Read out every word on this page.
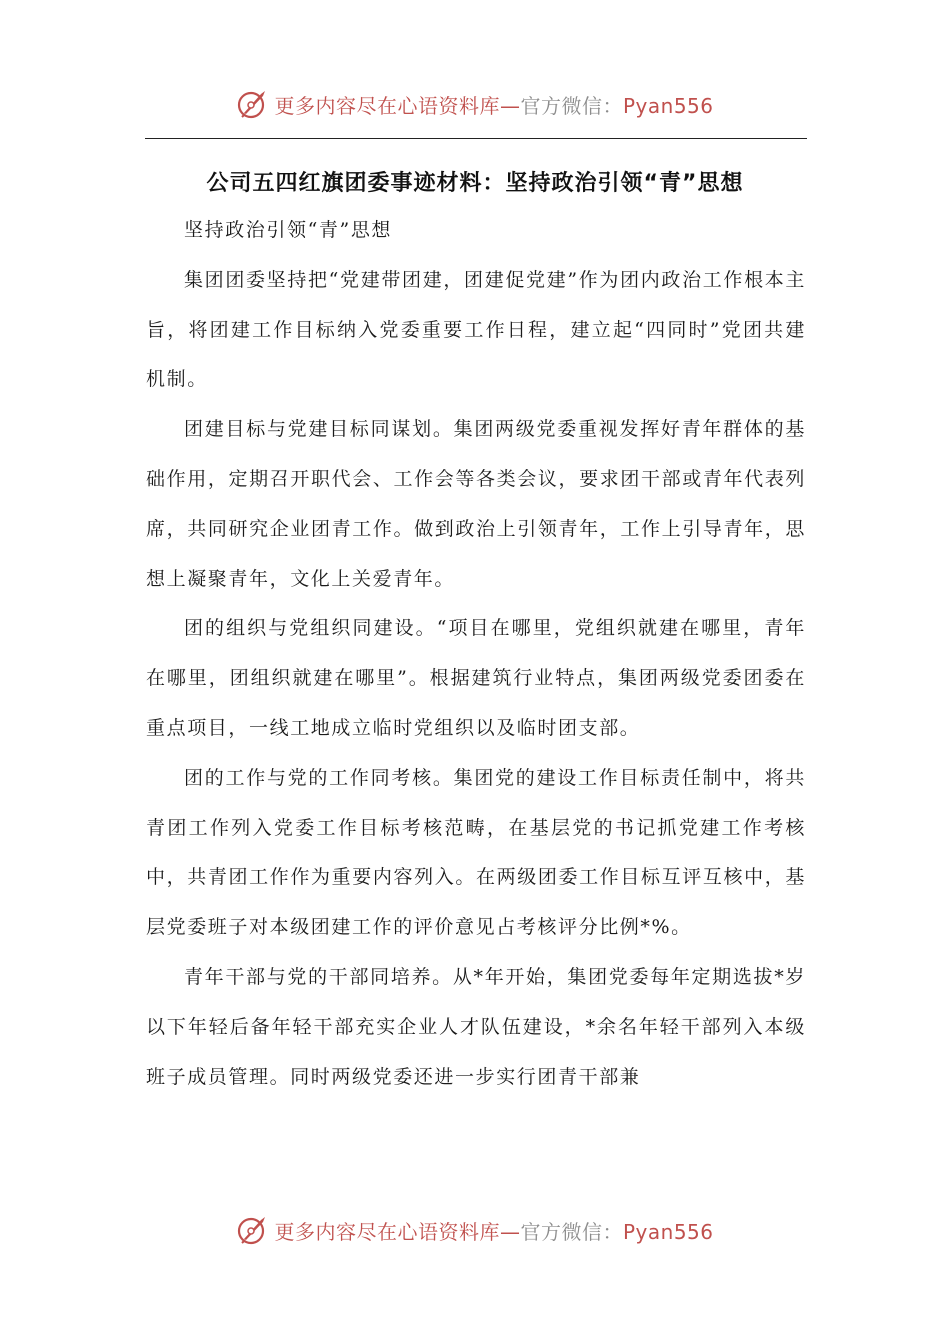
更多内容尽在心语资料库—官方微信：Pyan556
公司五四红旗团委事迹材料：坚持政治引领“青”思想

坚持政治引领“青”思想

集团团委坚持把“党建带团建，团建促党建”作为团内政治工作根本主旨，将团建工作目标纳入党委重要工作日程，建立起“四同时”党团共建机制。

团建目标与党建目标同谋划。集团两级党委重视发挥好青年群体的基础作用，定期召开职代会、工作会等各类会议，要求团干部或青年代表列席，共同研究企业团青工作。做到政治上引领青年，工作上引导青年，思想上凝聚青年，文化上关爱青年。

团的组织与党组织同建设。“项目在哪里，党组织就建在哪里，青年在哪里，团组织就建在哪里”。根据建筑行业特点，集团两级党委团委在重点项目，一线工地成立临时党组织以及临时团支部。

团的工作与党的工作同考核。集团党的建设工作目标责任制中，将共青团工作列入党委工作目标考核范畴，在基层党的书记抓党建工作考核中，共青团工作作为重要内容列入。在两级团委工作目标互评互核中，基层党委班子对本级团建工作的评价意见占考核评分比例*%。

青年干部与党的干部同培养。从*年开始，集团党委每年定期选拔*岁以下年轻后备年轻干部充实企业人才队伍建设，*余名年轻干部列入本级班子成员管理。同时两级党委还进一步实行团青干部兼

更多内容尽在心语资料库—官方微信：Pyan556
